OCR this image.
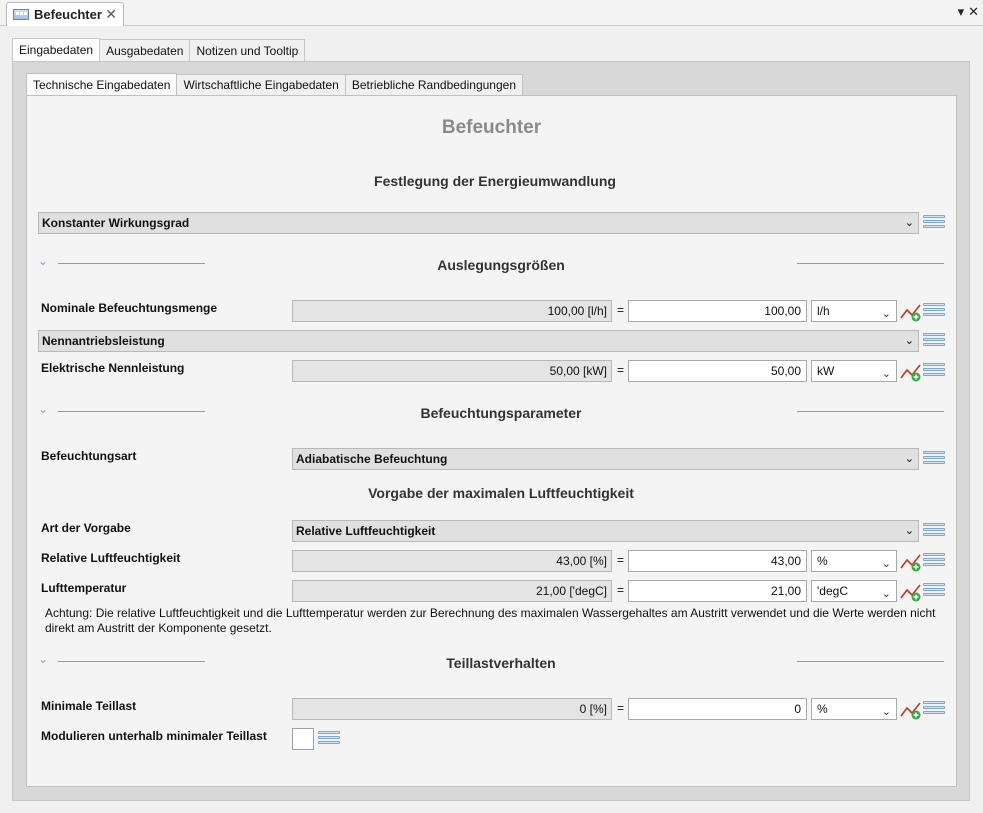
Befeuchter ✕	▾ ✕
Eingabedaten	Ausgabedaten	Notizen und Tooltip
Technische Eingabedaten	Wirtschaftliche Eingabedaten	Betriebliche Randbedingungen
Befeuchter
Festlegung der Energieumwandlung
Konstanter Wirkungsgrad	⌄
⌄	Auslegungsgrößen
Nominale Befeuchtungsmenge	100,00 [l/h] =	100,00	l/h	⌄
Nennantriebsleistung	⌄
Elektrische Nennleistung	50,00 [kW] =	50,00	kW	⌄
⌄	Befeuchtungsparameter
Befeuchtungsart	Adiabatische Befeuchtung	⌄
Vorgabe der maximalen Luftfeuchtigkeit
Art der Vorgabe	Relative Luftfeuchtigkeit	⌄
Relative Luftfeuchtigkeit	43,00 [%] =	43,00	%	⌄
Lufttemperatur	21,00 ['degC] =	21,00	'degC	⌄
Achtung: Die relative Luftfeuchtigkeit und die Lufttemperatur werden zur Berechnung des maximalen Wassergehaltes am Austritt verwendet und die Werte werden nicht direkt am Austritt der Komponente gesetzt.
⌄	Teillastverhalten
Minimale Teillast	0 [%] =	0	%	⌄
Modulieren unterhalb minimaler Teillast
